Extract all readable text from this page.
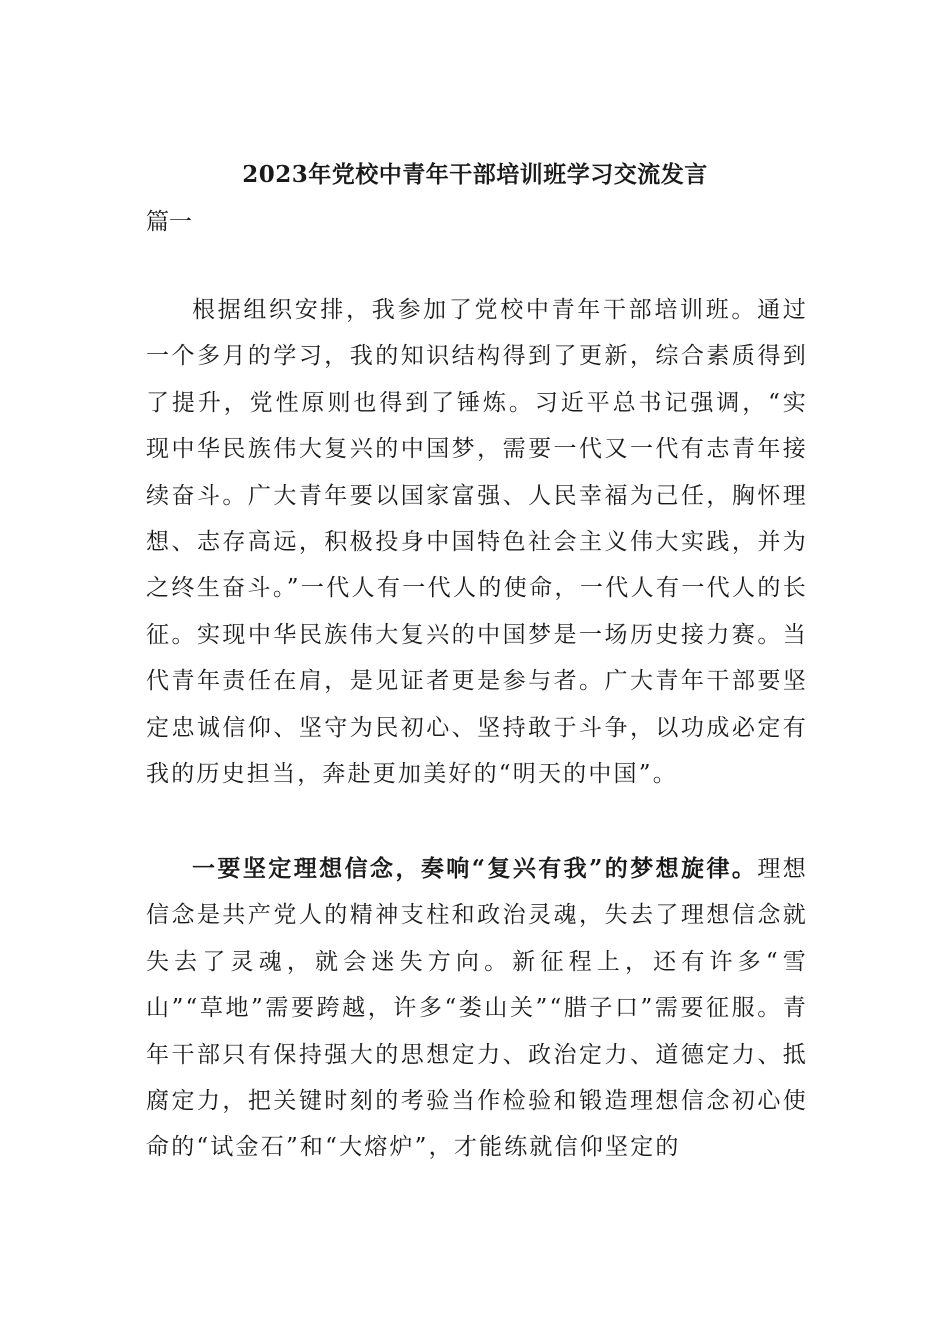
2023年党校中青年干部培训班学习交流发言

篇一

根据组织安排，我参加了党校中青年干部培训班。通过一个多月的学习，我的知识结构得到了更新，综合素质得到了提升，党性原则也得到了锤炼。习近平总书记强调，“实现中华民族伟大复兴的中国梦，需要一代又一代有志青年接续奋斗。广大青年要以国家富强、人民幸福为己任，胸怀理想、志存高远，积极投身中国特色社会主义伟大实践，并为之终生奋斗。”一代人有一代人的使命，一代人有一代人的长征。实现中华民族伟大复兴的中国梦是一场历史接力赛。当代青年责任在肩，是见证者更是参与者。广大青年干部要坚定忠诚信仰、坚守为民初心、坚持敢于斗争，以功成必定有我的历史担当，奔赴更加美好的“明天的中国”。

一要坚定理想信念，奏响“复兴有我”的梦想旋律。理想信念是共产党人的精神支柱和政治灵魂，失去了理想信念就失去了灵魂，就会迷失方向。新征程上，还有许多“雪山”“草地”需要跨越，许多“娄山关”“腊子口”需要征服。青年干部只有保持强大的思想定力、政治定力、道德定力、抵腐定力，把关键时刻的考验当作检验和锻造理想信念初心使命的“试金石”和“大熔炉”，才能练就信仰坚定的
